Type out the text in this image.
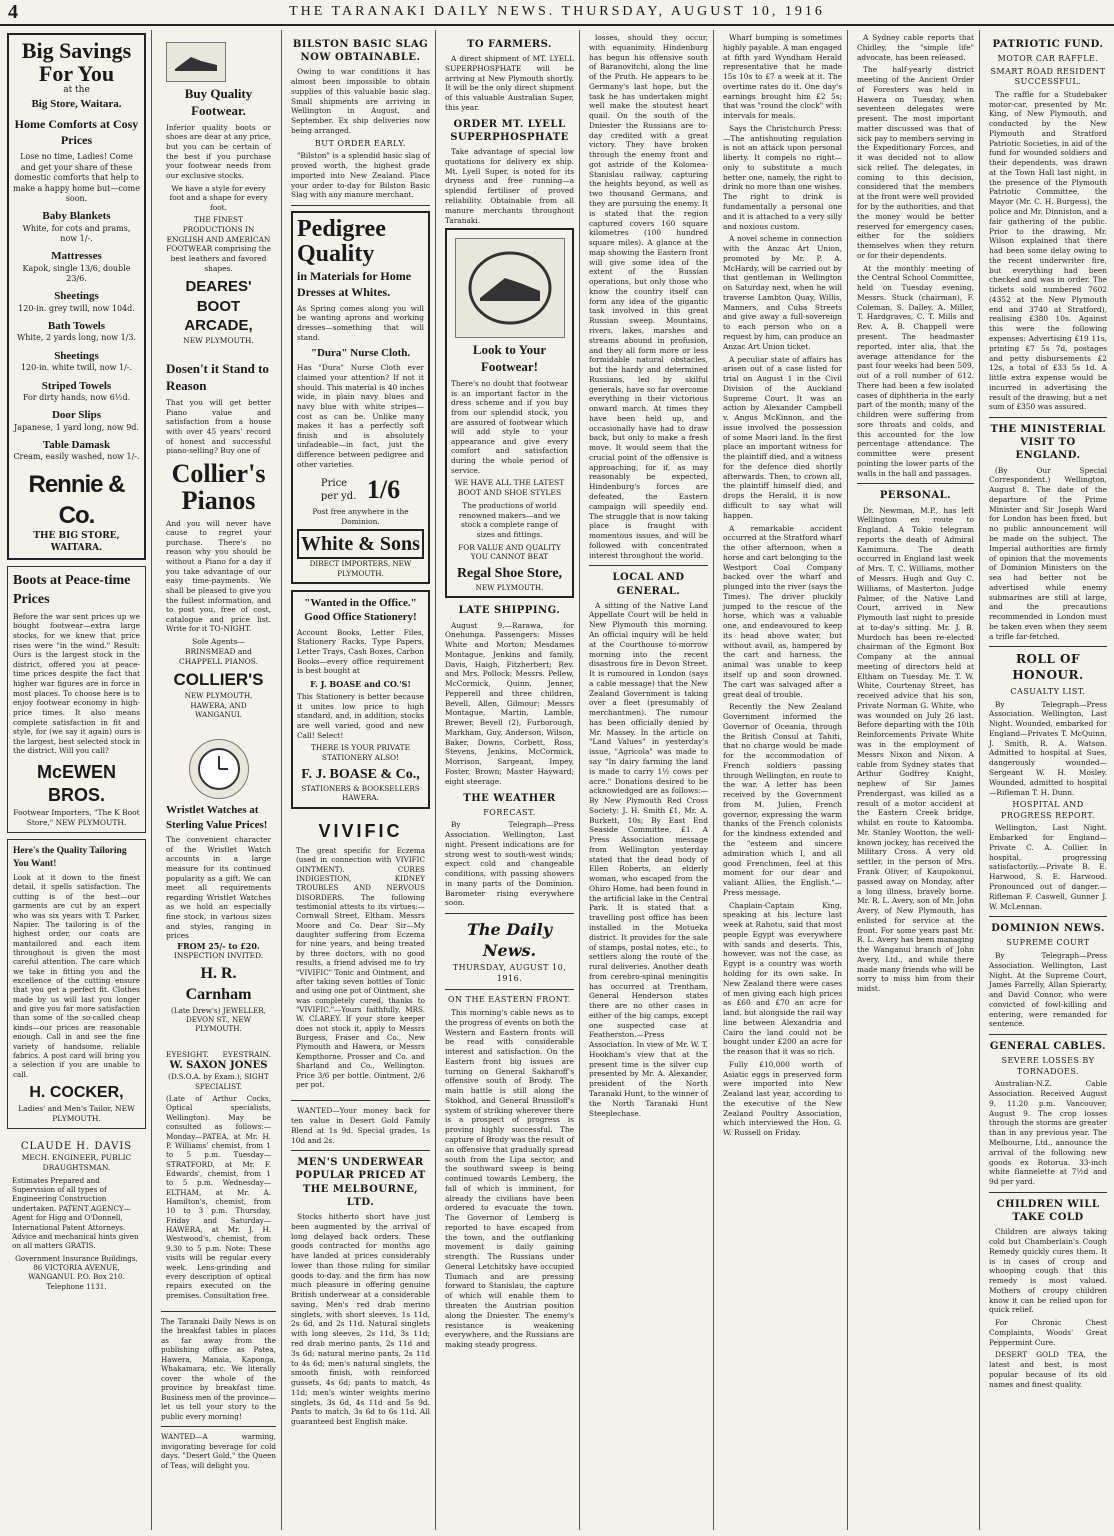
4	THE TARANAKI DAILY NEWS. THURSDAY, AUGUST 10, 1916
Big Savings For You
at the
Big Store, Waitara.
Home Comforts at Cosy Prices
Lose no time, Ladies! Come and get your share of these domestic comforts that help to make a happy home but—come soon.
Baby Blankets
White, for cots and prams, now 1/-.
Mattresses
Kapok, single 13/6, double 23/6.
Sheetings
120-in. grey twill, now 104d.
Bath Towels
White, 2 yards long, now 1/3.
Sheetings
120-in. white twill, now 1/-.
Striped Towels
For dirty hands, now 6½d.
Door Slips
Japanese, 1 yard long, now 9d.
Table Damask
Cream, easily washed, now 1/-.
Rennie & Co.
THE BIG STORE, WAITARA.
Boots at Peace-time Prices
Before the war sent prices up we bought footwear—extra large stocks, for we knew that price rises were "in the wind." Result: Ours is the largest stock in the district, offered you at peace-time prices despite the fact that higher war figures are in force in most places. To choose here is to enjoy footwear economy in high-price times. It also means complete satisfaction in fit and style, for (we say it again) ours is the largest, best selected stock in the district. Will you call?
McEWEN BROS.
Footwear Importers, "The K Boot Store," NEW PLYMOUTH.
Here's the Quality Tailoring You Want!
Look at it down to the finest detail, it spells satisfaction. The cutting is of the best—our garments are cut by an expert who was six years with T. Parker, Napier. The tailoring is of the highest order, our coats are mantailored and each item throughout is given the most careful attention. The care which we take in fitting you and the excellence of the cutting ensure that you get a perfect fit. Clothes made by us will last you longer and give you far more satisfaction than some of the so-called cheap kinds—our prices are reasonable enough. Call in and see the fine variety of handsome, reliable fabrics. A post card will bring you a selection if you are unable to call.
H. COCKER,
Ladies' and Men's Tailor, NEW PLYMOUTH.
CLAUDE H. DAVIS
MECH. ENGINEER, PUBLIC DRAUGHTSMAN.
Estimates Prepared and Supervision of all types of Engineering Construction undertaken. PATENT AGENCY—Agent for Higg and O'Donnell, International Patent Attorneys. Advice and mechanical hints given on all matters GRATIS.
Government Insurance Buildings, 86 VICTORIA AVENUE, WANGANUI. P.O. Box 210. Telephone 1131.
Buy Quality Footwear.
Inferior quality boots or shoes are dear at any price, but you can be certain of the best if you purchase your footwear needs from our exclusive stocks.
We have a style for every foot and a shape for every foot.
THE FINEST PRODUCTIONS IN ENGLISH AND AMERICAN FOOTWEAR comprising the best leathers and favored shapes.
DEARES' BOOT ARCADE,
NEW PLYMOUTH.
Dosen't it Stand to Reason
That you will get better Piano value and satisfaction from a house with over 45 years' record of honest and successful piano-selling? Buy one of
Collier's Pianos
And you will never have cause to regret your purchase. There's no reason why you should be without a Piano for a day if you take advantage of our easy time-payments. We shall be pleased to give you the fullest information, and to post you, free of cost, catalogue and price list. Write for it TO-NIGHT.
Sole Agents—
BRINSMEAD and CHAPPELL PIANOS.
COLLIER'S
NEW PLYMOUTH, HAWERA, AND WANGANUI.
Wristlet Watches at Sterling Value Prices!
The convenient character of the Wristlet Watch accounts in a large measure for its continued popularity as a gift. We can meet all requirements regarding Wristlet Watches as we hold an especially fine stock, in various sizes and styles, ranging in prices
FROM 25/- to £20.
INSPECTION INVITED.
H. R. Carnham
(Late Drew's) JEWELLER, DEVON ST., NEW PLYMOUTH.
EYESIGHT. EYESTRAIN.
W. SAXON JONES
(D.S.O.A. by Exam.), SIGHT SPECIALIST.
(Late of Arthur Cocks, Optical specialists, Wellington). May be consulted as follows:— Monday—PATEA, at Mr. H. P. Williams' chemist, from 1 to 5 p.m. Tuesday—STRATFORD, at Mr. F. Edwards', chemist, from 1 to 5 p.m. Wednesday—ELTHAM, at Mr. A. Hamilton's, chemist, from 10 to 3 p.m. Thursday, Friday and Saturday—HAWERA, at Mr. J. H. Westwood's, chemist, from 9.30 to 5 p.m. Note: These visits will be regular every week. Lens-grinding and every description of optical repairs executed on the premises. Consultation free.
The Taranaki Daily News is on the breakfast tables in places as far away from the publishing office as Patea, Hawera, Manaia, Kaponga, Whakamara, etc. We literally cover the whole of the province by breakfast time. Business men of the province—let us tell your story to the public every morning!
WANTED—A warming, invigorating beverage for cold days. "Desert Gold," the Queen of Teas, will delight you.
BILSTON BASIC SLAG NOW OBTAINABLE.

Owing to war conditions it has almost been impossible to obtain supplies of this valuable basic slag. Small shipments are arriving in Wellington in August, and September. Ex ship deliveries now being arranged.

BUT ORDER EARLY.

"Bilston" is a splendid basic slag of proved worth, the highest grade imported into New Zealand. Place your order to-day for Bilston Basic Slag with any manure merchant.

Pedigree
Quality
in Materials for Home Dresses at Whites.
As Spring comes along you will be wanting aprons and working dresses—something that will stand.
"Dura" Nurse Cloth.
Has "Dura" Nurse Cloth ever claimed your attention? If not it should. This material is 40 inches wide, in plain navy blues and navy blue with white stripes—cost as can be. Unlike many makes it has a perfectly soft finish and is absolutely unfadeable—in fact, just the difference between pedigree and other varieties.
Price per yd. 1/6
Post free anywhere in the Dominion.
White & Sons
DIRECT IMPORTERS, NEW PLYMOUTH.
"Wanted in the Office." Good Office Stationery!
Account Books, Letter Files, Stationery Racks, Type Papers, Letter Trays, Cash Boxes, Carbon Books—every office requirement is best bought at
F. J. BOASE and CO.'S!
This Stationery is better because it unites low price to high standard, and, in addition, stocks are well varied, good and new Call! Select!
THERE IS YOUR PRIVATE STATIONERY ALSO!
F. J. BOASE & Co.,
STATIONERS & BOOKSELLERS HAWERA.
VIVIFIC
The great specific for Eczema (used in connection with VIVIFIC OINTMENT). CURES INDIGESTION, KIDNEY TROUBLES AND NERVOUS DISORDERS. The following testimonial attests to its virtues:— Cornwall Street, Eltham. Messrs Moore and Co. Dear Sir—My daughter suffering from Eczema for nine years, and being treated by three doctors, with no good results, a friend advised me to try "VIVIFIC" Tonic and Ointment, and after taking seven bottles of Tonic and using one pot of Ointment, she was completely cured, thanks to "VIVIFIC."—Yours faithfully, MRS. W. CLAREY. If your store keeper does not stock it, apply to Messrs Burgess, Fraser and Co., New Plymouth and Hawera, or Messrs Kempthorne, Prosser and Co. and Sharland and Co., Wellington. Price 3/6 per bottle. Ointment, 2/6 per pot.

WANTED—Your money back for ten value in Desert Gold Family Blend at 1s 9d. Special grades, 1s 10d and 2s.

MEN'S UNDERWEAR POPULAR PRICED AT THE MELBOURNE, LTD.

Stocks hitherto short have just been augmented by the arrival of long delayed back orders. These goods contracted for months ago have landed at prices considerably lower than those ruling for similar goods to-day, and the firm has now much pleasure in offering genuine British underwear at a considerable saving. Men's red drab merino singlets, with short sleeves, 1s 11d, 2s 6d, and 2s 11d. Natural singlets with long sleeves, 2s 11d, 3s 11d; red drab merino pants, 2s 11d and 3s 6d; natural merino pants, 2s 11d to 4s 6d; men's natural singlets, the smooth finish, with reinforced gussets, 4s 6d; pants to match, 4s 11d; men's winter weights merino singlets, 3s 6d, 4s 11d and 5s 9d. Pants to match, 3s 6d to 6s 11d. All guaranteed best English make.

TO FARMERS.

A direct shipment of MT. LYELL SUPERPHOSPHATE will be arriving at New Plymouth shortly. It will be the only direct shipment of this valuable Australian Super, this year.

ORDER MT. LYELL SUPERPHOSPHATE

Take advantage of special low quotations for delivery ex ship. Mt. Lyell Super, is noted for its dryness and free running—a splendid fertiliser of proved reliability. Obtainable from all manure merchants throughout Taranaki.

Look to Your Footwear!
There's no doubt that footwear is an important factor in the dress scheme and if you buy from our splendid stock, you are assured of footwear which will add style to your appearance and give every comfort and satisfaction during the whole period of service.
WE HAVE ALL THE LATEST BOOT AND SHOE STYLES
The productions of world renowned makers—and we stock a complete range of sizes and fittings.
FOR VALUE AND QUALITY YOU CANNOT BEAT
Regal Shoe Store,
NEW PLYMOUTH.
LATE SHIPPING.

August 9.—Rarawa, for Onehunga. Passengers: Misses White and Morton; Mesdames Montague, Jenkins and family, Davis, Haigh, Fitzherbert; Rev. and Mrs. Pollock; Messrs. Pellew, McCormick, Quinn, Jenner, Pepperell and three children, Bevell, Allen, Gilmour; Messrs Montague, Martin, Lamble, Brewer, Bevell (2), Furborough, Markham, Guy, Anderson, Wilson, Baker, Downs, Corbett, Ross, Stevens, Jenkins, McCormick, Morrison, Sargeant, Impey, Foster, Brown; Master Hayward; eight steerage.

THE WEATHER
FORECAST.

By Telegraph—Press Association. Wellington, Last night. Present indications are for strong west to south-west winds; expect cold and changeable conditions, with passing showers in many parts of the Dominion. Barometer rising everywhere soon.

The Daily News.
THURSDAY, AUGUST 10, 1916.
ON THE EASTERN FRONT.

This morning's cable news as to the progress of events on both the Western and Eastern fronts will be read with considerable interest and satisfaction. On the Eastern front big issues are turning on General Sakharoff's offensive south of Brody. The main battle is still along the Stokhod, and General Brussiloff's system of striking wherever there is a prospect of progress is proving highly successful. The capture of Brody was the result of an offensive that gradually spread south from the Lipa sector, and the southward sweep is being continued towards Lemberg, the fall of which is imminent, for already the civilians have been ordered to evacuate the town. The Governor of Lemberg is reported to have escaped from the town, and the outflanking movement is daily gaining strength. The Russians under General Letchitsky have occupied Tlumach and are pressing forward to Stanislau, the capture of which will enable them to threaten the Austrian position along the Dniester. The enemy's resistance is weakening everywhere, and the Russians are making steady progress.

losses, should they occur, with equanimity. Hindenburg has begun his offensive south of Baranovitchi, along the line of the Pruth. He appears to be Germany's last hope, but the task he has undertaken might well make the stoutest heart quail. On the south of the Dniester the Russians are to-day credited with a great victory. They have broken through the enemy front and got astride of the Kolomea-Stanislau railway, capturing the heights beyond, as well as two thousand Germans, and they are pursuing the enemy. It is stated that the region captured covers 160 square kilometres (100 hundred square miles). A glance at the map showing the Eastern front will give some idea of the extent of the Russian operations, but only those who know the country itself can form any idea of the gigantic task involved in this great Russian sweep. Mountains, rivers, lakes, marshes and streams abound in profusion, and they all form more or less formidable natural obstacles, but the hardy and determined Russians, led by skilful generals, have so far overcome everything in their victorious onward march. At times they have been held up, and occasionally have had to draw back, but only to make a fresh move. It would seem that the crucial point of the offensive is approaching, for if, as may reasonably be expected, Hindenburg's forces are defeated, the Eastern campaign will speedily end. The struggle that is now taking place is fraught with momentous issues, and will be followed with concentrated interest throughout the world.

LOCAL AND GENERAL.

A sitting of the Native Land Appellate Court will be held in New Plymouth this morning. An official inquiry will be held at the Courthouse to-morrow morning into the recent disastrous fire in Devon Street. It is rumoured in London (says a cable message) that the New Zealand Government is taking over a fleet (presumably of merchantmen). The rumour has been officially denied by Mr. Massey. In the article on "Land Values" in yesterday's issue, "Agricola" was made to say "In dairy farming the land is made to carry 1½ cows per acre." Donations desired to be acknowledged are as follows:—By New Plymouth Red Cross Society: J. H. Smith £1, Mr. A. Burkett, 10s; By East End Seaside Committee, £1. A Press Association message from Wellington yesterday stated that the dead body of Ellen Roberts, an elderly woman, who escaped from the Ohiro Home, had been found in the artificial lake in the Central Park. It is stated that a travelling post office has been installed in the Motueka district. It provides for the sale of stamps, postal notes, etc., to settlers along the route of the rural deliveries. Another death from cerebro-spinal meningitis has occurred at Trentham. General Henderson states there are no other cases in either of the big camps, except one suspected case at Featherston.—Press Association. In view of Mr. W. T. Hookham's view that at the present time is the silver cup presented by Mr. A. Alexander, president of the North Taranaki Hunt, to the winner of the North Taranaki Hunt Steeplechase.

Wharf bumping is sometimes highly payable. A man engaged at fifth yard Wyndham Herald representative that he made 15s 10s to £7 a week at it. The overtime rates do it. One day's earnings brought him £2 5s; that was "round the clock" with intervals for meals.

Says the Christchurch Press:—The antishouting regulation is not an attack upon personal liberty. It compels no right—only to substitute a much better one, namely, the right to drink no more than one wishes. The right to drink is fundamentally a personal one and it is attached to a very silly and noxious custom.

A novel scheme in connection with the Anzac Art Union, promoted by Mr. P. A. McHardy, will be carried out by that gentleman in Wellington on Saturday next, when he will traverse Lambton Quay, Willis, Manners, and Cuba Streets and give away a full-sovereign to each person who on a request by him, can produce an Anzac Art Union ticket.

A peculiar state of affairs has arisen out of a case listed for trial on August 1 in the Civil Division of the Auckland Supreme Court. It was an action by Alexander Campbell v. Angus McKinnon, and the issue involved the possession of some Maori land. In the first place an important witness for the plaintiff died, and a witness for the defence died shortly afterwards. Then, to crown all, the plaintiff himself died, and drops the Herald, it is now difficult to say what will happen.

A remarkable accident occurred at the Stratford wharf the other afternoon, when a horse and cart belonging to the Westport Coal Company backed over the wharf and plunged into the river (says the Times). The driver pluckily jumped to the rescue of the horse, which was a valuable one, and endeavoured to keep its head above water, but without avail, as, hampered by the cart and harness, the animal was unable to keep itself up and soon drowned. The cart was salvaged after a great deal of trouble.

Recently the New Zealand Government informed the Governor of Oceania, through the British Consul at Tahiti, that no charge would be made for the accommodation of French soldiers passing through Wellington, en route to the war. A letter has been received by the Government from M. Julien, French governor, expressing the warm thanks of the French colonists for the kindness extended and the "esteem and sincere admiration which I, and all good Frenchmen, feel at this moment for our dear and valiant Allies, the English."—Press message.

Chaplain-Captain King, speaking at his lecture last week at Rahotu, said that most people Egypt was everywhere with sands and deserts. This, however, was not the case, as Egypt is a country was worth holding for its own sake. In New Zealand there were cases of men giving each high prices as £60 and £70 an acre for land, but alongside the rail way line between Alexandria and Cairo the land could not be bought under £200 an acre for the reason that it was so rich.

Fully £10,000 worth of Asiatic eggs in preserved form were imported into New Zealand last year, according to the executive of the New Zealand Poultry Association, which interviewed the Hon. G. W. Russell on Friday.

A Sydney cable reports that Chidley, the "simple life" advocate, has been released.

The half-yearly district meeting of the Ancient Order of Foresters was held in Hawera on Tuesday, when seventeen delegates were present. The most important matter discussed was that of sick pay to members serving in the Expeditionary Forces, and it was decided not to allow sick relief. The delegates, in coming to this decision, considered that the members at the front were well provided for by the authorities, and that the money would be better reserved for emergency cases, either for the soldiers themselves when they return or for their dependents.

At the monthly meeting of the Central School Committee, held on Tuesday evening, Messrs. Stuck (chairman), F. Coleman, S. Dalley, A. Miller, T. Hardgraves, C. T. Mills and Rev. A. B. Chappell were present. The headmaster reported, inter alia, that the average attendance for the past four weeks had been 509, out of a roll number of 612. There had been a few isolated cases of diphtheria in the early part of the month; many of the children were suffering from sore throats and colds, and this accounted for the low percentage attendance. The committee were present pointing the lower parts of the walls in the hall and passages.

PERSONAL.

Dr. Newman, M.P., has left Wellington en route to England. A Tokio telegram reports the death of Admiral Kamimura. The death occurred in England last week of Mrs. T. C. Williams, mother of Messrs. Hugh and Guy C. Williams, of Masterton. Judge Palmer, of the Native Land Court, arrived in New Plymouth last night to preside at to-day's sitting. Mr. J. B. Murdoch has been re-elected chairman of the Egmont Box Company at the annual meeting of directors held at Eltham on Tuesday. Mr. T. W. White, Courtenay Street, has received advice that his son, Private Norman G. White, who was wounded on July 26 last. Before departing with the 10th Reinforcements Private White was in the employment of Messrs Nixon and Nixon. A cable from Sydney states that Arthur Godfrey Knight, nephew of Sir James Prendergast, was killed as a result of a motor accident at the Eastern Creek bridge, whilst en route to Katoomba. Mr. Stanley Wootton, the well-known jockey, has received the Military Cross. A very old settler, in the person of Mrs. Frank Oliver, of Kaupokonui, passed away on Monday, after a long illness, bravely borne. Mr. R. L. Avery, son of Mr. John Avery, of New Plymouth, has enlisted for service at the front. For some years past Mr. R. L. Avery has been managing the Wanganui branch of John Avery, Ltd., and while there made many friends who will be sorry to miss him from their midst.

PATRIOTIC FUND.
MOTOR CAR RAFFLE.
SMART ROAD RESIDENT SUCCESSFUL.

The raffle for a Studebaker motor-car, presented by Mr. King, of New Plymouth, and conducted by the New Plymouth and Stratford Patriotic Societies, in aid of the fund for wounded soldiers and their dependents, was drawn at the Town Hall last night, in the presence of the Plymouth Patriotic Committee, the Mayor (Mr. C. H. Burgess), the police and Mr. Dinniston, and a fair gathering of the public. Prior to the drawing, Mr. Wilson explained that there had been some delay owing to the recent underwriter fire, but everything had been checked and was in order. The tickets sold numbered 7602 (4352 at the New Plymouth end and 3740 at Stratford), realising £380 10s. Against this were the following expenses: Advertising £19 11s, printing £7 5s 7d, postages and petty disbursements £2 12s, a total of £33 5s 1d. A little extra expense would be incurred in advertising the result of the drawing, but a net sum of £350 was assured.

THE MINISTERIAL VISIT TO ENGLAND.

(By Our Special Correspondent.) Wellington, August 8. The date of the departure of the Prime Minister and Sir Joseph Ward for London has been fixed, but no public announcement will be made on the subject. The Imperial authorities are firmly of opinion that the movements of Dominion Ministers on the sea had better not be advertised while enemy submarines are still at large, and the precautions recommended in London must be taken even when they seem a trifle far-fetched.

ROLL OF HONOUR.
CASUALTY LIST.

By Telegraph—Press Association. Wellington, Last Night. Wounded, embarked for England—Privates T. McQuinn, J. Smith, R. A. Watson. Admitted to hospital at Sues, dangerously wounded—Sergeant W. H. Mosley. Wounded, admitted to hospital—Rifleman T. H. Dunn.

HOSPITAL AND PROGRESS REPORT.

Wellington, Last Night. Embarked for England—Private C. A. Collier. In hospital, progressing satisfactorily.—Private B. E. Harwood, S. E. Harwood. Pronounced out of danger.—Rifleman F. Caswell, Gunner J. W. McLennan.

DOMINION NEWS.
SUPREME COURT

By Telegraph—Press Association. Wellington, Last Night. At the Supreme Court, James Farrelly, Allan Spierarty, and David Connor, who were convicted of fowl-killing and entering, were remanded for sentence.

GENERAL CABLES.
SEVERE LOSSES BY TORNADOES.

Australian-N.Z. Cable Association. Received August 9, 11.20 p.m. Vancouver, August 9. The crop losses through the storms are greater than in any previous year. The Melbourne, Ltd., announce the arrival of the following new goods ex Rotorua. 33-inch white flannelette at 7½d and 9d per yard.

CHILDREN WILL TAKE COLD

Children are always taking cold but Chamberlain's Cough Remedy quickly cures them. It is in cases of croup and whooping cough that this remedy is most valued. Mothers of croupy children know it can be relied upon for quick relief.

For Chronic Chest Complaints, Woods' Great Peppermint Cure.

DESERT GOLD TEA, the latest and best, is most popular because of its old names and finest quality.
